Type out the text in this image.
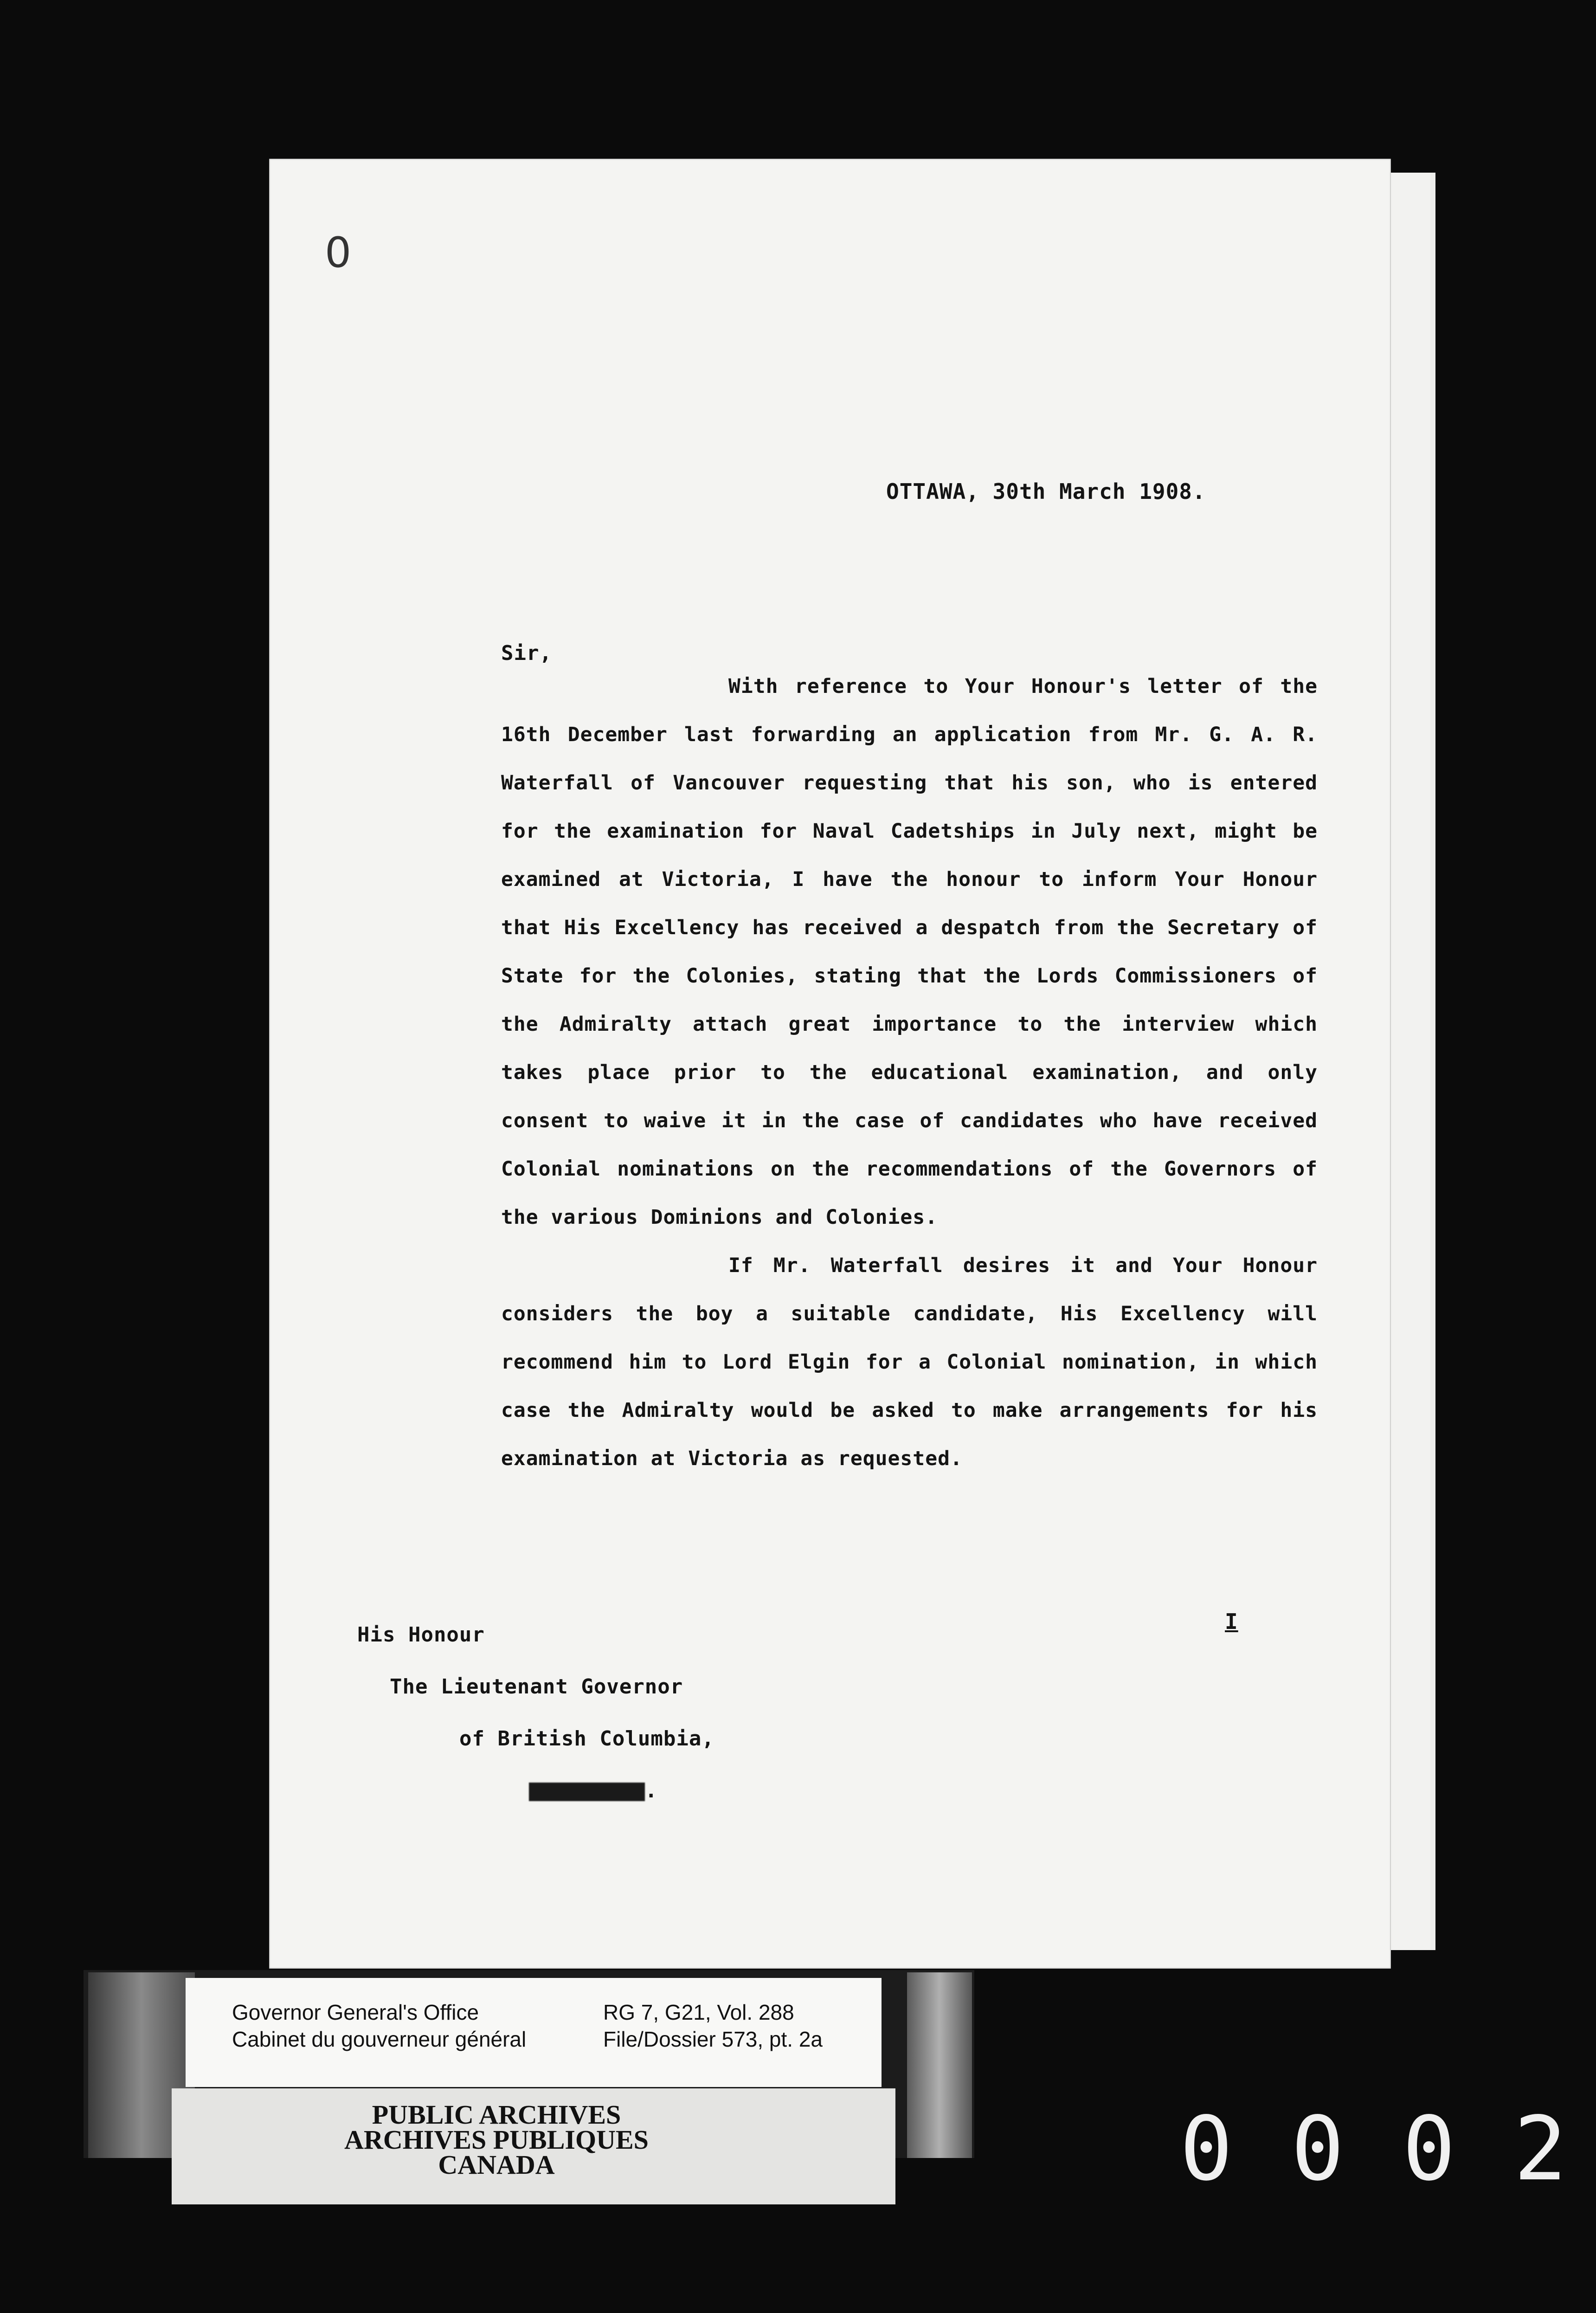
0
OTTAWA, 30th March 1908.
Sir,

With reference to Your Honour's letter of the 16th December last forwarding an application from Mr. G. A. R. Waterfall of Vancouver requesting that his son, who is entered for the examination for Naval Cadetships in July next, might be examined at Victoria, I have the honour to inform Your Honour that His Excellency has received a despatch from the Secretary of State for the Colonies, stating that the Lords Commissioners of the Admiralty attach great importance to the interview which takes place prior to the educational examination, and only consent to waive it in the case of candidates who have received Colonial nominations on the recommendations of the Governors of the various Dominions and Colonies.

If Mr. Waterfall desires it and Your Honour considers the boy a suitable candidate, His Excellency will recommend him to Lord Elgin for a Colonial nomination, in which case the Admiralty would be asked to make arrangements for his examination at Victoria as requested.

I
His Honour
The Lieutenant Governor
of British Columbia,
.
Governor General's Office
Cabinet du gouverneur général
RG 7, G21, Vol. 288
File/Dossier 573, pt. 2a
PUBLIC ARCHIVES
ARCHIVES PUBLIQUES
CANADA	0 0 0 2
